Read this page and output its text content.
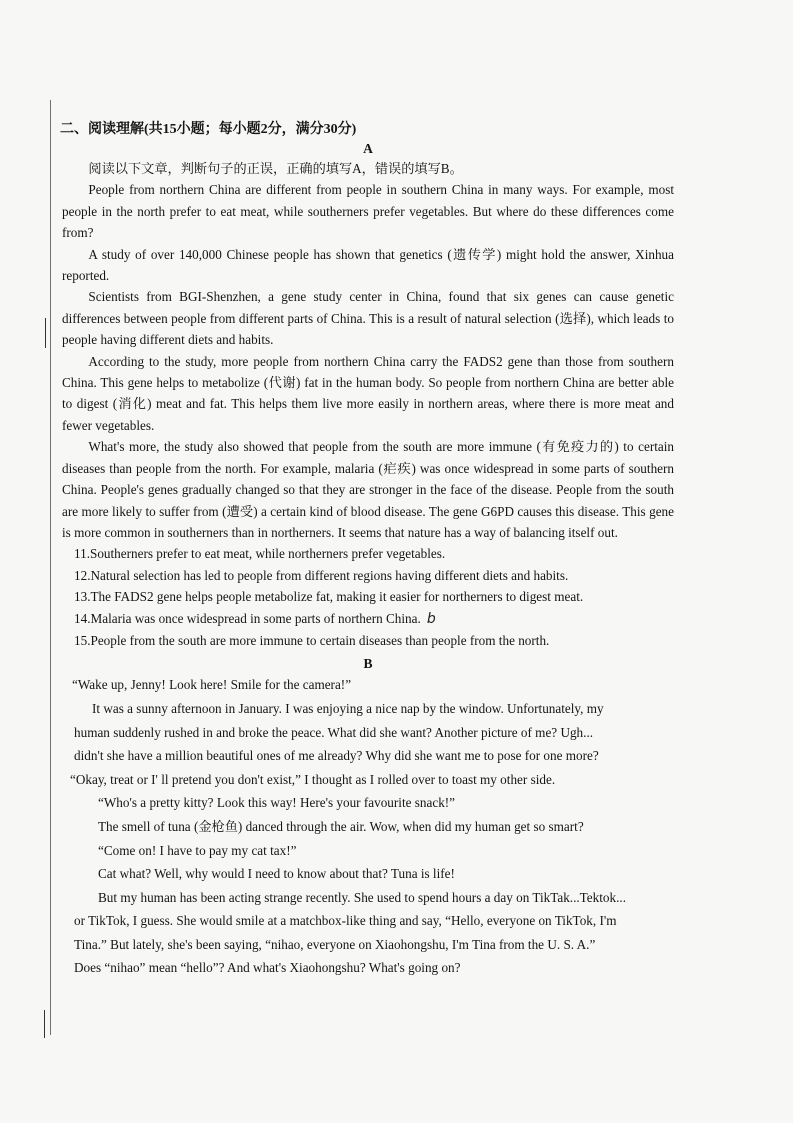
二、阅读理解(共15小题；每小题2分，满分30分)
A

阅读以下文章，判断句子的正误，正确的填写A，错误的填写B。

People from northern China are different from people in southern China in many ways. For example, most people in the north prefer to eat meat, while southerners prefer vegetables. But where do these differences come from?

A study of over 140,000 Chinese people has shown that genetics (遗传学) might hold the answer, Xinhua reported.

Scientists from BGI-Shenzhen, a gene study center in China, found that six genes can cause genetic differences between people from different parts of China. This is a result of natural selection (选择), which leads to people having different diets and habits.

According to the study, more people from northern China carry the FADS2 gene than those from southern China. This gene helps to metabolize (代谢) fat in the human body. So people from northern China are better able to digest (消化) meat and fat. This helps them live more easily in northern areas, where there is more meat and fewer vegetables.

What's more, the study also showed that people from the south are more immune (有免疫力的) to certain diseases than people from the north. For example, malaria (疟疾) was once widespread in some parts of southern China. People's genes gradually changed so that they are stronger in the face of the disease. People from the south are more likely to suffer from (遭受) a certain kind of blood disease. The gene G6PD causes this disease. This gene is more common in southerners than in northerners. It seems that nature has a way of balancing itself out.

11.Southerners prefer to eat meat, while northerners prefer vegetables.
12.Natural selection has led to people from different regions having different diets and habits.
13.The FADS2 gene helps people metabolize fat, making it easier for northerners to digest meat.
14.Malaria was once widespread in some parts of northern China. b
15.People from the south are more immune to certain diseases than people from the north.
B
“Wake up, Jenny! Look here! Smile for the camera!”
It was a sunny afternoon in January. I was enjoying a nice nap by the window. Unfortunately, my
human suddenly rushed in and broke the peace. What did she want? Another picture of me? Ugh...
didn't she have a million beautiful ones of me already? Why did she want me to pose for one more?
“Okay, treat or I' ll pretend you don't exist,” I thought as I rolled over to toast my other side.
“Who's a pretty kitty? Look this way! Here's your favourite snack!”
The smell of tuna (金枪鱼) danced through the air. Wow, when did my human get so smart?
“Come on! I have to pay my cat tax!”
Cat what? Well, why would I need to know about that? Tuna is life!
But my human has been acting strange recently. She used to spend hours a day on TikTak...Tektok...
or TikTok, I guess. She would smile at a matchbox-like thing and say, “Hello, everyone on TikTok, I'm
Tina.” But lately, she's been saying, “nihao, everyone on Xiaohongshu, I'm Tina from the U. S. A.”
Does “nihao” mean “hello”? And what's Xiaohongshu? What's going on?
